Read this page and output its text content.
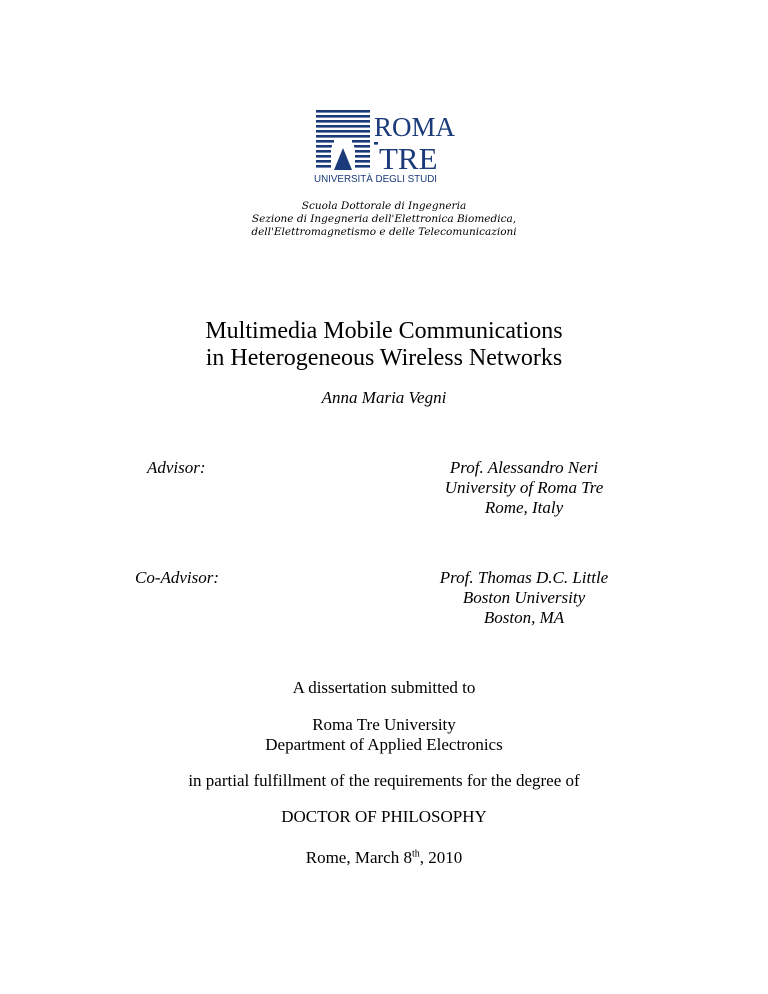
ROMA
TRE
UNIVERSITÀ DEGLI STUDI
Scuola Dottorale di Ingegneria
Sezione di Ingegneria dell'Elettronica Biomedica,
dell'Elettromagnetismo e delle Telecomunicazioni
Multimedia Mobile Communications
in Heterogeneous Wireless Networks
Anna Maria Vegni
Advisor:	Prof. Alessandro Neri
University of Roma Tre
Rome, Italy
Co-Advisor:	Prof. Thomas D.C. Little
Boston University
Boston, MA
A dissertation submitted to
Roma Tre University
Department of Applied Electronics
in partial fulfillment of the requirements for the degree of
DOCTOR OF PHILOSOPHY
Rome, March 8th, 2010
